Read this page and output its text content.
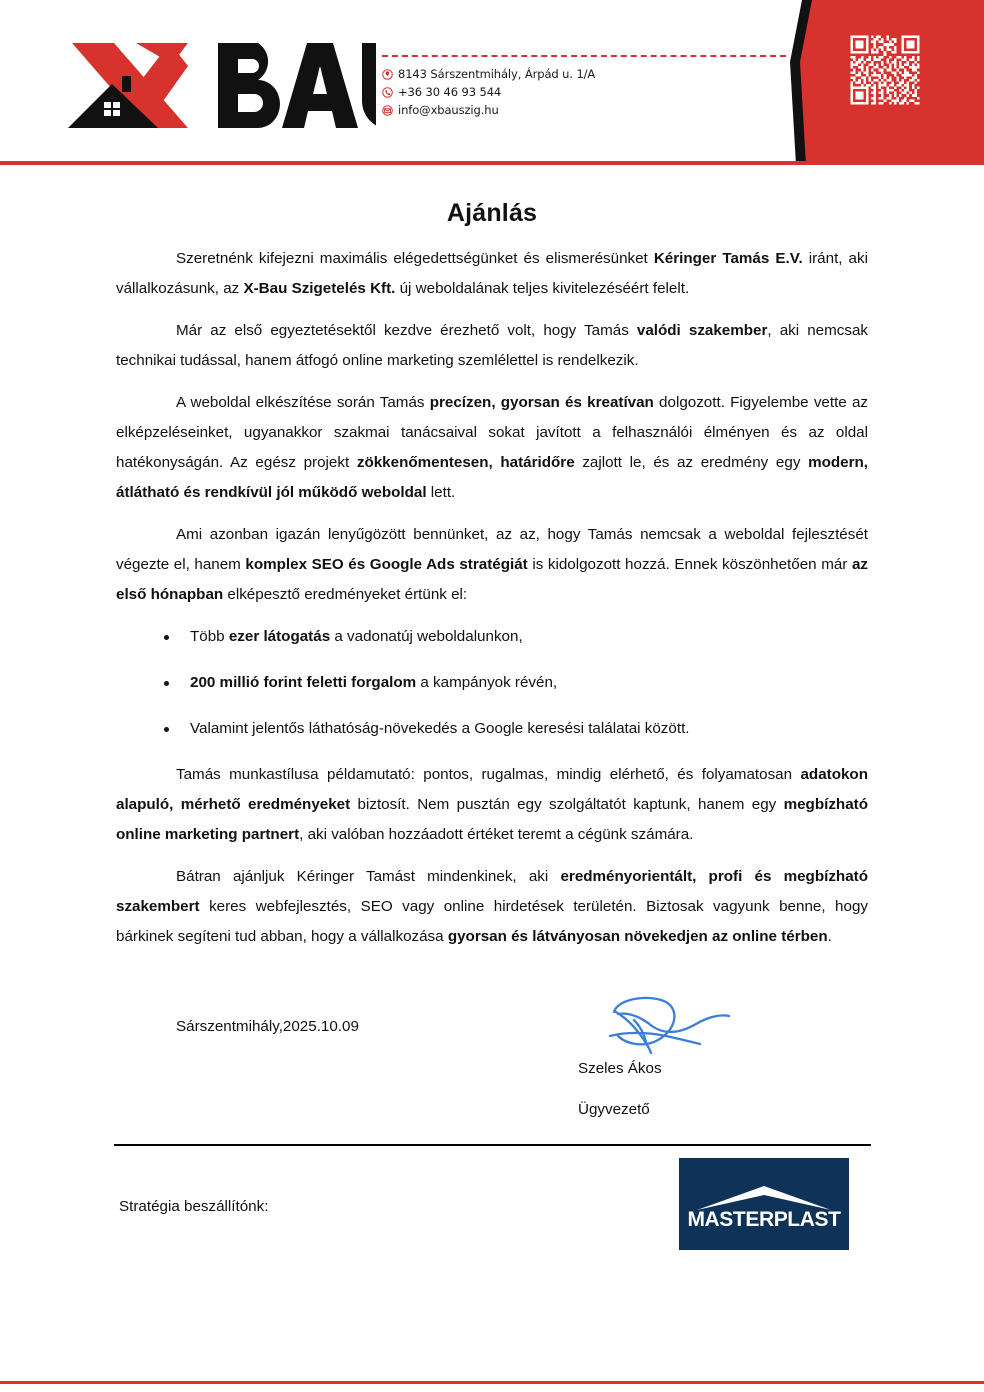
8143 Sárszentmihály, Árpád u. 1/A
+36 30 46 93 544
info@xbauszig.hu
Ajánlás

Szeretnénk kifejezni maximális elégedettségünket és elismerésünket Kéringer Tamás E.V. iránt, aki vállalkozásunk, az X-Bau Szigetelés Kft. új weboldalának teljes kivitelezéséért felelt.

Már az első egyeztetésektől kezdve érezhető volt, hogy Tamás valódi szakember, aki nemcsak technikai tudással, hanem átfogó online marketing szemlélettel is rendelkezik.

A weboldal elkészítése során Tamás precízen, gyorsan és kreatívan dolgozott. Figyelembe vette az elképzeléseinket, ugyanakkor szakmai tanácsaival sokat javított a felhasználói élményen és az oldal hatékonyságán. Az egész projekt zökkenőmentesen, határidőre zajlott le, és az eredmény egy modern, átlátható és rendkívül jól működő weboldal lett.

Ami azonban igazán lenyűgözött bennünket, az az, hogy Tamás nemcsak a weboldal fejlesztését végezte el, hanem komplex SEO és Google Ads stratégiát is kidolgozott hozzá. Ennek köszönhetően már az első hónapban elképesztő eredményeket értünk el:

Több ezer látogatás a vadonatúj weboldalunkon,
200 millió forint feletti forgalom a kampányok révén,
Valamint jelentős láthatóság-növekedés a Google keresési találatai között.

Tamás munkastílusa példamutató: pontos, rugalmas, mindig elérhető, és folyamatosan adatokon alapuló, mérhető eredményeket biztosít. Nem pusztán egy szolgáltatót kaptunk, hanem egy megbízható online marketing partnert, aki valóban hozzáadott értéket teremt a cégünk számára.

Bátran ajánljuk Kéringer Tamást mindenkinek, aki eredményorientált, profi és megbízható szakembert keres webfejlesztés, SEO vagy online hirdetések területén. Biztosak vagyunk benne, hogy bárkinek segíteni tud abban, hogy a vállalkozása gyorsan és látványosan növekedjen az online térben.

Sárszentmihály,2025.10.09
Szeles Ákos
Ügyvezető
Stratégia beszállítónk:
MASTERPLAST
